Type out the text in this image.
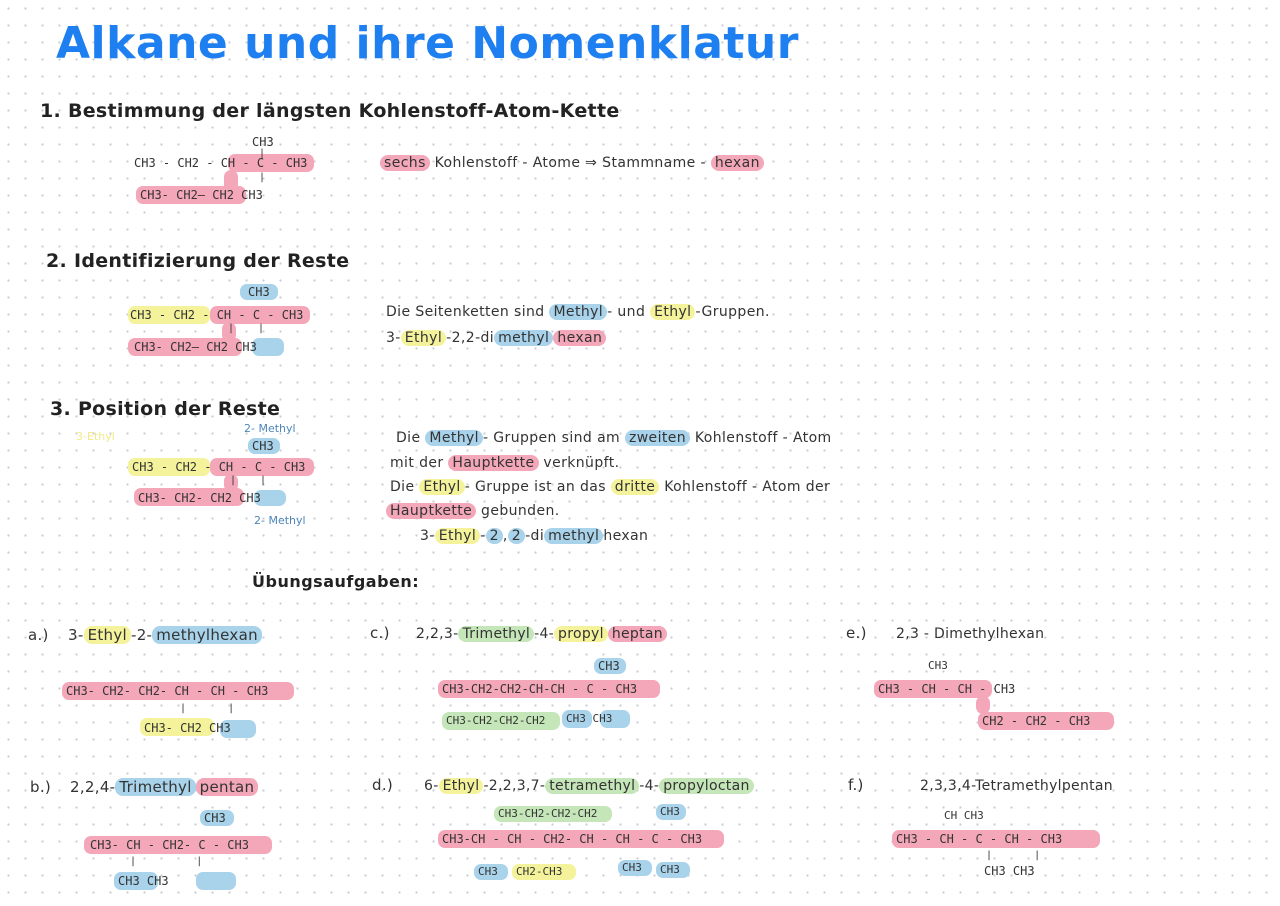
Alkane und ihre Nomenklatur
1. Bestimmung der längsten Kohlenstoff-Atom-Kette
CH3
|
CH3 - CH2 - CH - C - CH3
|
CH3- CH2— CH2 CH3
sechs Kohlenstoff - Atome ⇒ Stammname - hexan
2. Identifizierung der Reste
CH3
CH3 - CH2 - CH - C - CH3
| |
CH3- CH2— CH2 CH3
Die Seitenketten sind Methyl - und Ethyl -Gruppen.
3- Ethyl -2,2-di methyl hexan
3. Position der Reste
3-Ethyl
2- Methyl
CH3
CH3 - CH2 - CH - C - CH3
| |
CH3- CH2- CH2 CH3
2- Methyl
Die Methyl - Gruppen sind am zweiten Kohlenstoff - Atom
mit der Hauptkette verknüpft.
Die Ethyl - Gruppe ist an das dritte Kohlenstoff - Atom der
Hauptkette gebunden.
3- Ethyl - 2 , 2 -di methyl hexan
Übungsaufgaben:
a.) 3- Ethyl -2- methylhexan
CH3- CH2- CH2- CH - CH - CH3
|       |
CH3- CH2 CH3
b.) 2,2,4- Trimethyl pentan
CH3
CH3- CH - CH2- C - CH3
|          |
CH3 CH3
c.) 2,2,3- Trimethyl -4- propyl heptan
CH3
CH3-CH2-CH2-CH-CH - C - CH3
CH3-CH2-CH2-CH2 CH3 CH3
d.) 6- Ethyl -2,2,3,7- tetramethyl -4- propyloctan
CH3-CH2-CH2-CH2	CH3
CH3-CH - CH - CH2- CH - CH - C - CH3
CH3 CH2-CH3	CH3 CH3
e.) 2,3 - Dimethylhexan
CH3
CH3 - CH - CH - CH3
CH2 - CH2 - CH3
f.)	2,3,3,4-Tetramethylpentan
CH CH3
CH3 - CH - C - CH - CH3
|       |
CH3 CH3
